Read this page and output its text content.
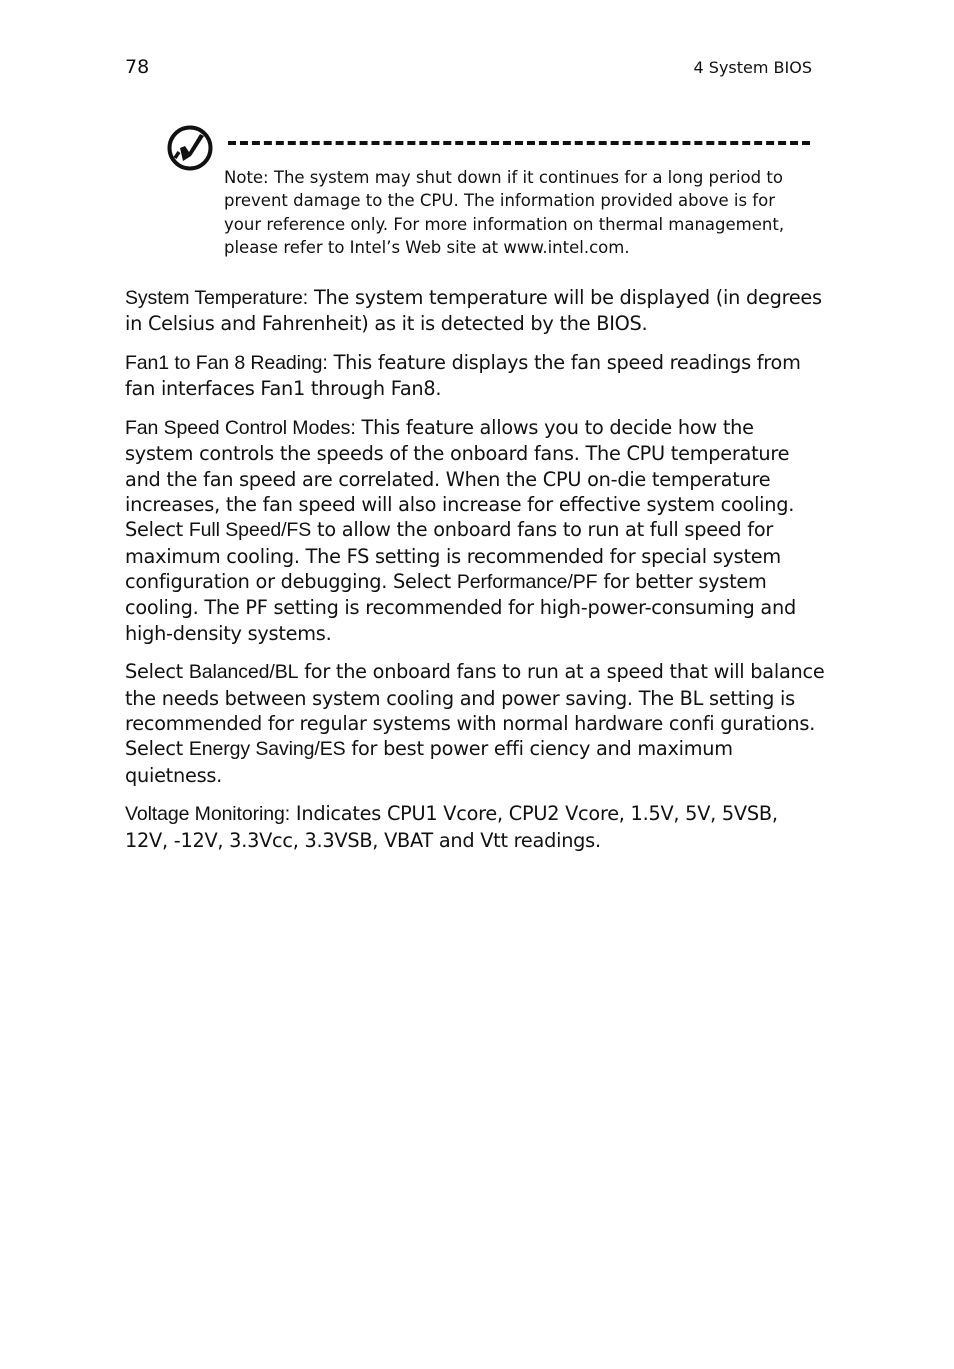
78	4 System BIOS

Note: The system may shut down if it continues for a long period to prevent damage to the CPU. The information provided above is for your reference only. For more information on thermal management, please refer to Intel’s Web site at www.intel.com.

System Temperature: The system temperature will be displayed (in degrees in Celsius and Fahrenheit) as it is detected by the BIOS.

Fan1 to Fan 8 Reading: This feature displays the fan speed readings from fan interfaces Fan1 through Fan8.

Fan Speed Control Modes: This feature allows you to decide how the system controls the speeds of the onboard fans. The CPU temperature and the fan speed are correlated. When the CPU on-die temperature increases, the fan speed will also increase for effective system cooling. Select Full Speed/FS to allow the onboard fans to run at full speed for maximum cooling. The FS setting is recommended for special system configuration or debugging. Select Performance/PF for better system cooling. The PF setting is recommended for high-power-consuming and high-density systems.

Select Balanced/BL for the onboard fans to run at a speed that will balance the needs between system cooling and power saving. The BL setting is recommended for regular systems with normal hardware confi gurations. Select Energy Saving/ES for best power effi ciency and maximum quietness.

Voltage Monitoring: Indicates CPU1 Vcore, CPU2 Vcore, 1.5V, 5V, 5VSB, 12V, -12V, 3.3Vcc, 3.3VSB, VBAT and Vtt readings.
